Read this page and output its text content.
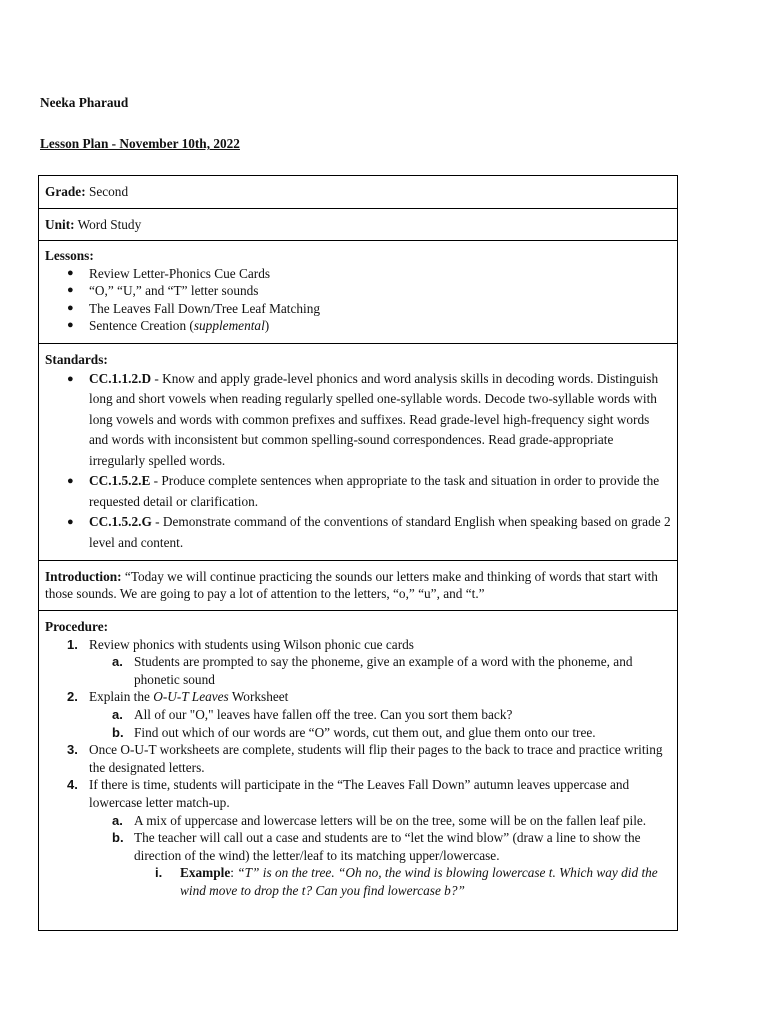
Neeka Pharaud
Lesson Plan - November 10th, 2022
Grade: Second
Unit: Word Study
Lessons:
● Review Letter-Phonics Cue Cards
● “O,” “U,” and “T” letter sounds
● The Leaves Fall Down/Tree Leaf Matching
● Sentence Creation (supplemental)
Standards:
● CC.1.1.2.D - Know and apply grade-level phonics and word analysis skills in decoding words. Distinguish long and short vowels when reading regularly spelled one-syllable words. Decode two-syllable words with long vowels and words with common prefixes and suffixes. Read grade-level high-frequency sight words and words with inconsistent but common spelling-sound correspondences. Read grade-appropriate irregularly spelled words.
● CC.1.5.2.E - Produce complete sentences when appropriate to the task and situation in order to provide the requested detail or clarification.
● CC.1.5.2.G - Demonstrate command of the conventions of standard English when speaking based on grade 2 level and content.
Introduction: “Today we will continue practicing the sounds our letters make and thinking of words that start with those sounds. We are going to pay a lot of attention to the letters, “o,” “u”, and “t.”
Procedure:
1. Review phonics with students using Wilson phonic cue cards
a. Students are prompted to say the phoneme, give an example of a word with the phoneme, and phonetic sound
2. Explain the O-U-T Leaves Worksheet
a. All of our "O," leaves have fallen off the tree. Can you sort them back?
b. Find out which of our words are “O” words, cut them out, and glue them onto our tree.
3. Once O-U-T worksheets are complete, students will flip their pages to the back to trace and practice writing the designated letters.
4. If there is time, students will participate in the “The Leaves Fall Down” autumn leaves uppercase and lowercase letter match-up.
a. A mix of uppercase and lowercase letters will be on the tree, some will be on the fallen leaf pile.
b. The teacher will call out a case and students are to “let the wind blow” (draw a line to show the direction of the wind) the letter/leaf to its matching upper/lowercase.
i. Example: “T” is on the tree. “Oh no, the wind is blowing lowercase t. Which way did the wind move to drop the t? Can you find lowercase b?”
